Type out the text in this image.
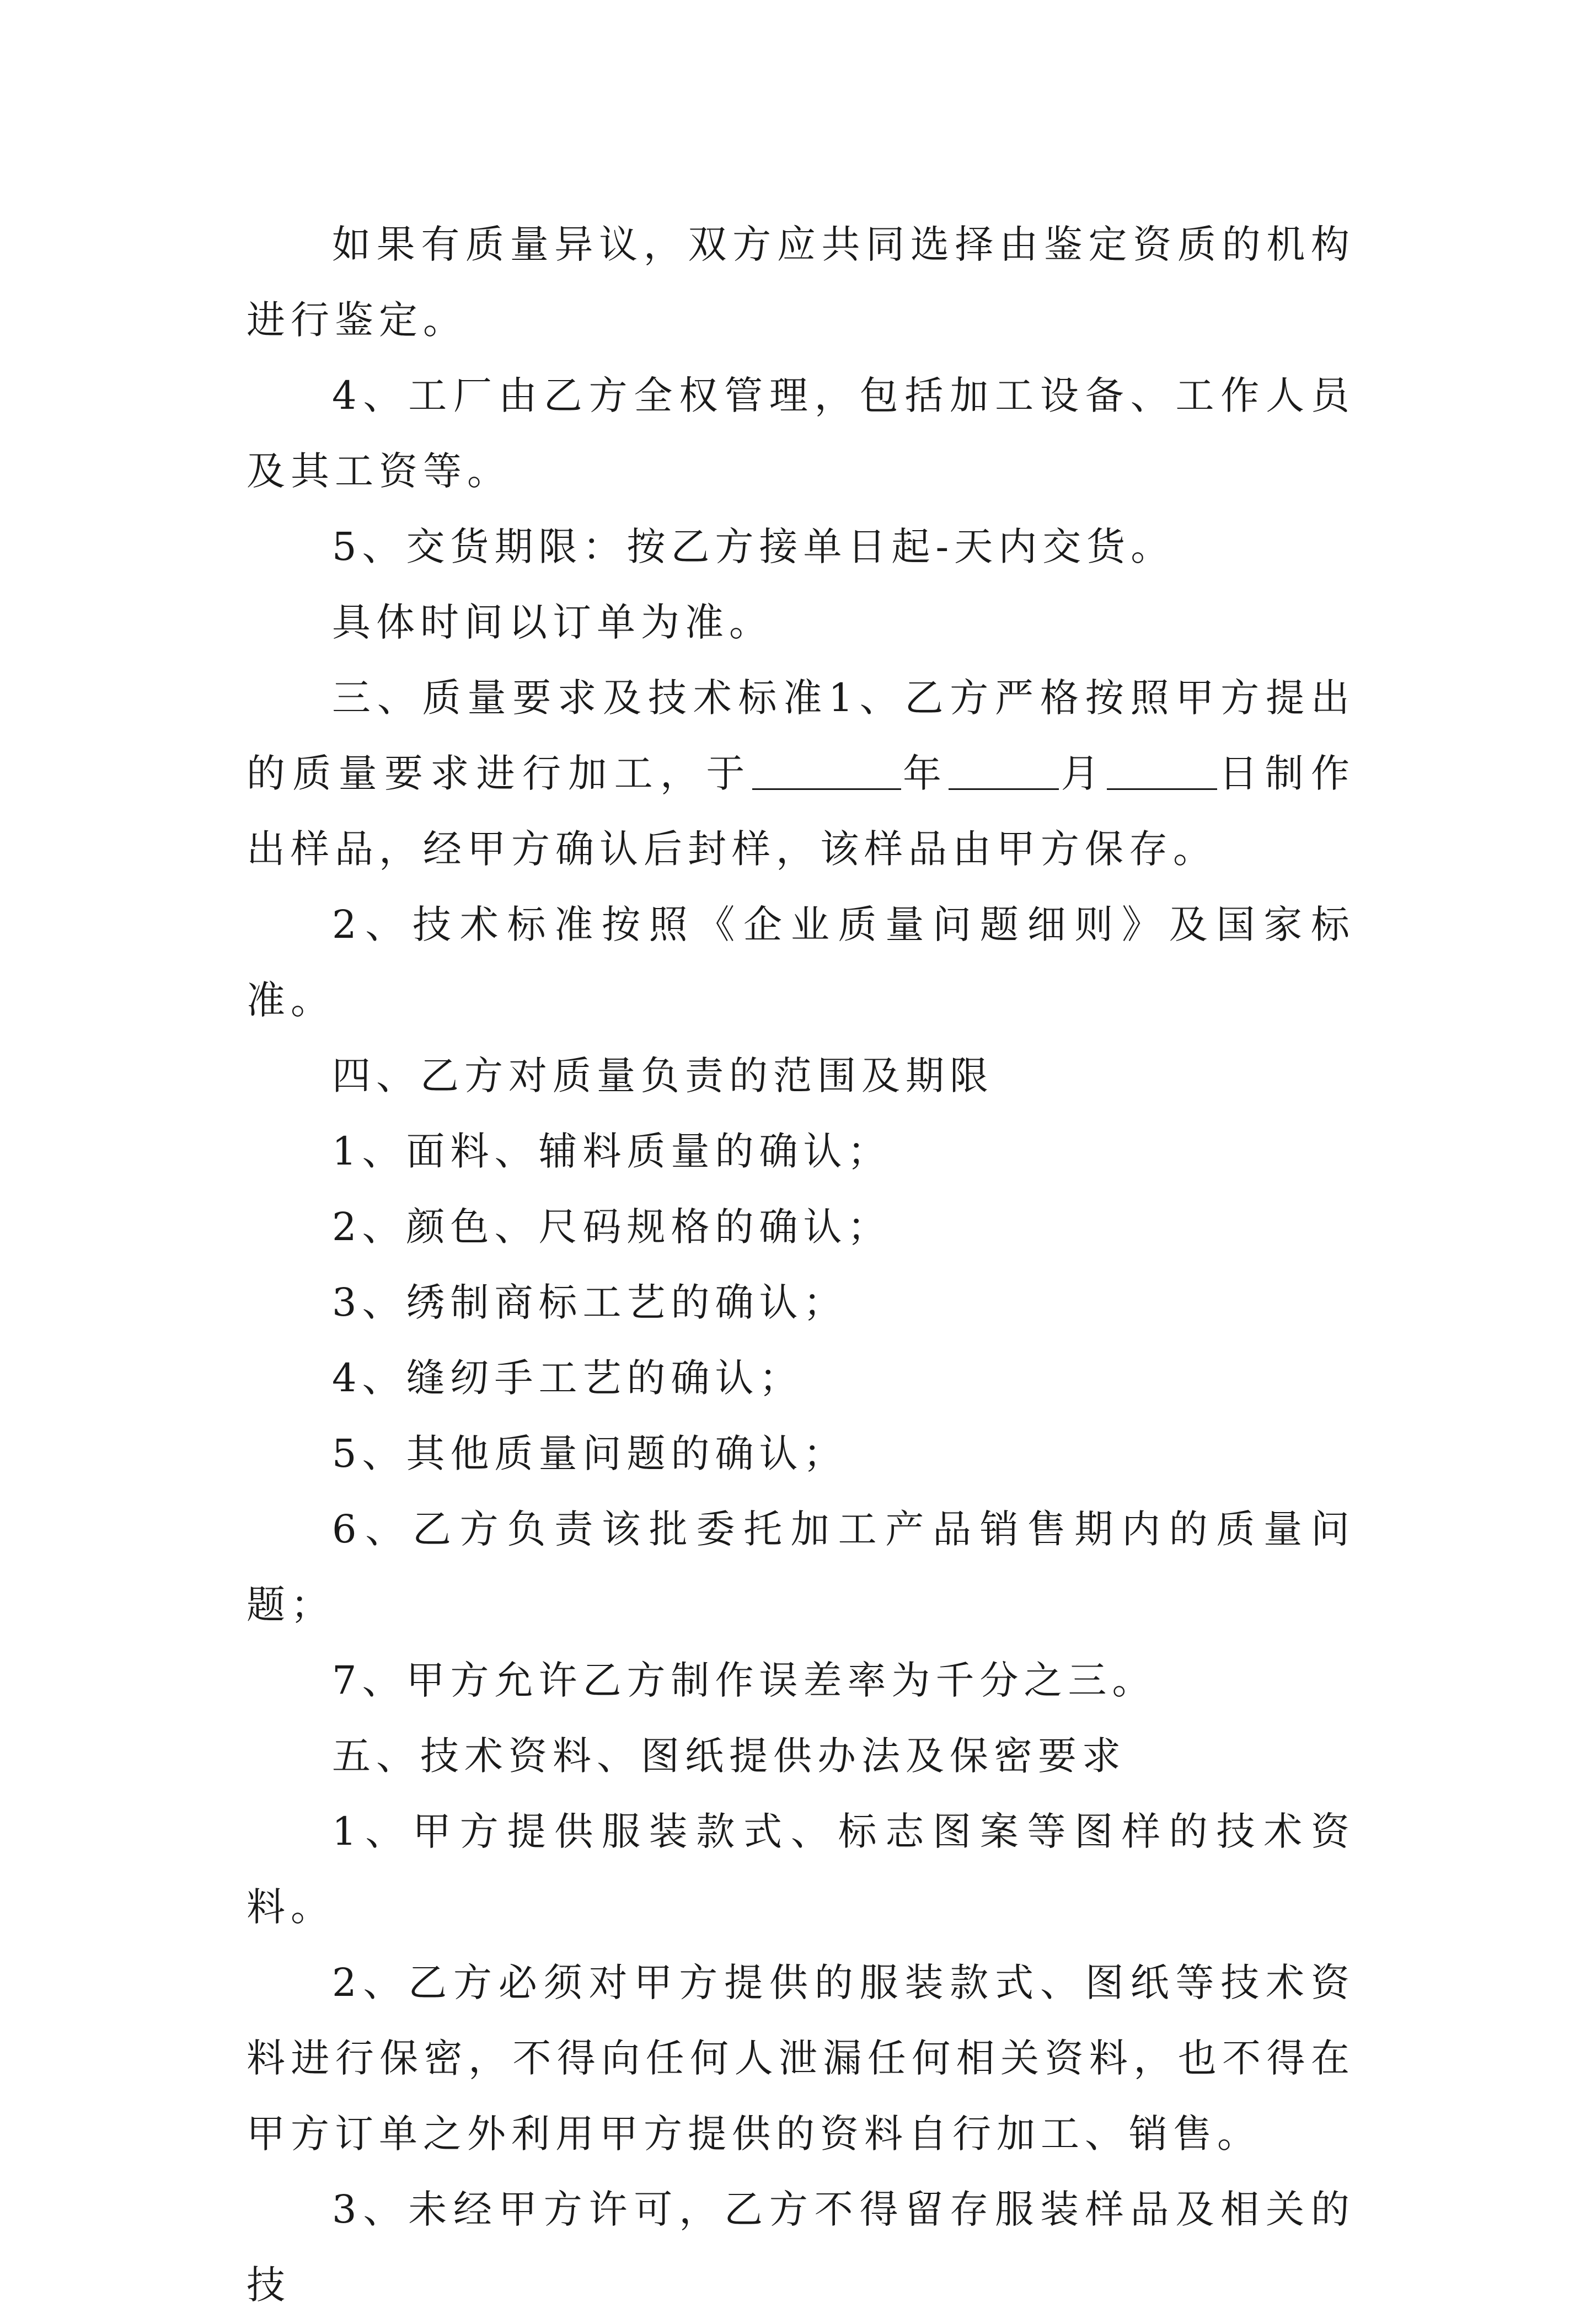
如果有质量异议，双方应共同选择由鉴定资质的机构进行鉴定。

4、工厂由乙方全权管理，包括加工设备、工作人员及其工资等。

5、交货期限：按乙方接单日起-天内交货。

具体时间以订单为准。

三、质量要求及技术标准1、乙方严格按照甲方提出的质量要求进行加工，于	年	月	日制作出样品，经甲方确认后封样，该样品由甲方保存。

2、技术标准按照《企业质量问题细则》及国家标准。

四、乙方对质量负责的范围及期限

1、面料、辅料质量的确认；

2、颜色、尺码规格的确认；

3、绣制商标工艺的确认；

4、缝纫手工艺的确认；

5、其他质量问题的确认；

6、乙方负责该批委托加工产品销售期内的质量问题；

7、甲方允许乙方制作误差率为千分之三。

五、技术资料、图纸提供办法及保密要求

1、甲方提供服装款式、标志图案等图样的技术资料。

2、乙方必须对甲方提供的服装款式、图纸等技术资料进行保密，不得向任何人泄漏任何相关资料，也不得在甲方订单之外利用甲方提供的资料自行加工、销售。

3、未经甲方许可，乙方不得留存服装样品及相关的技
